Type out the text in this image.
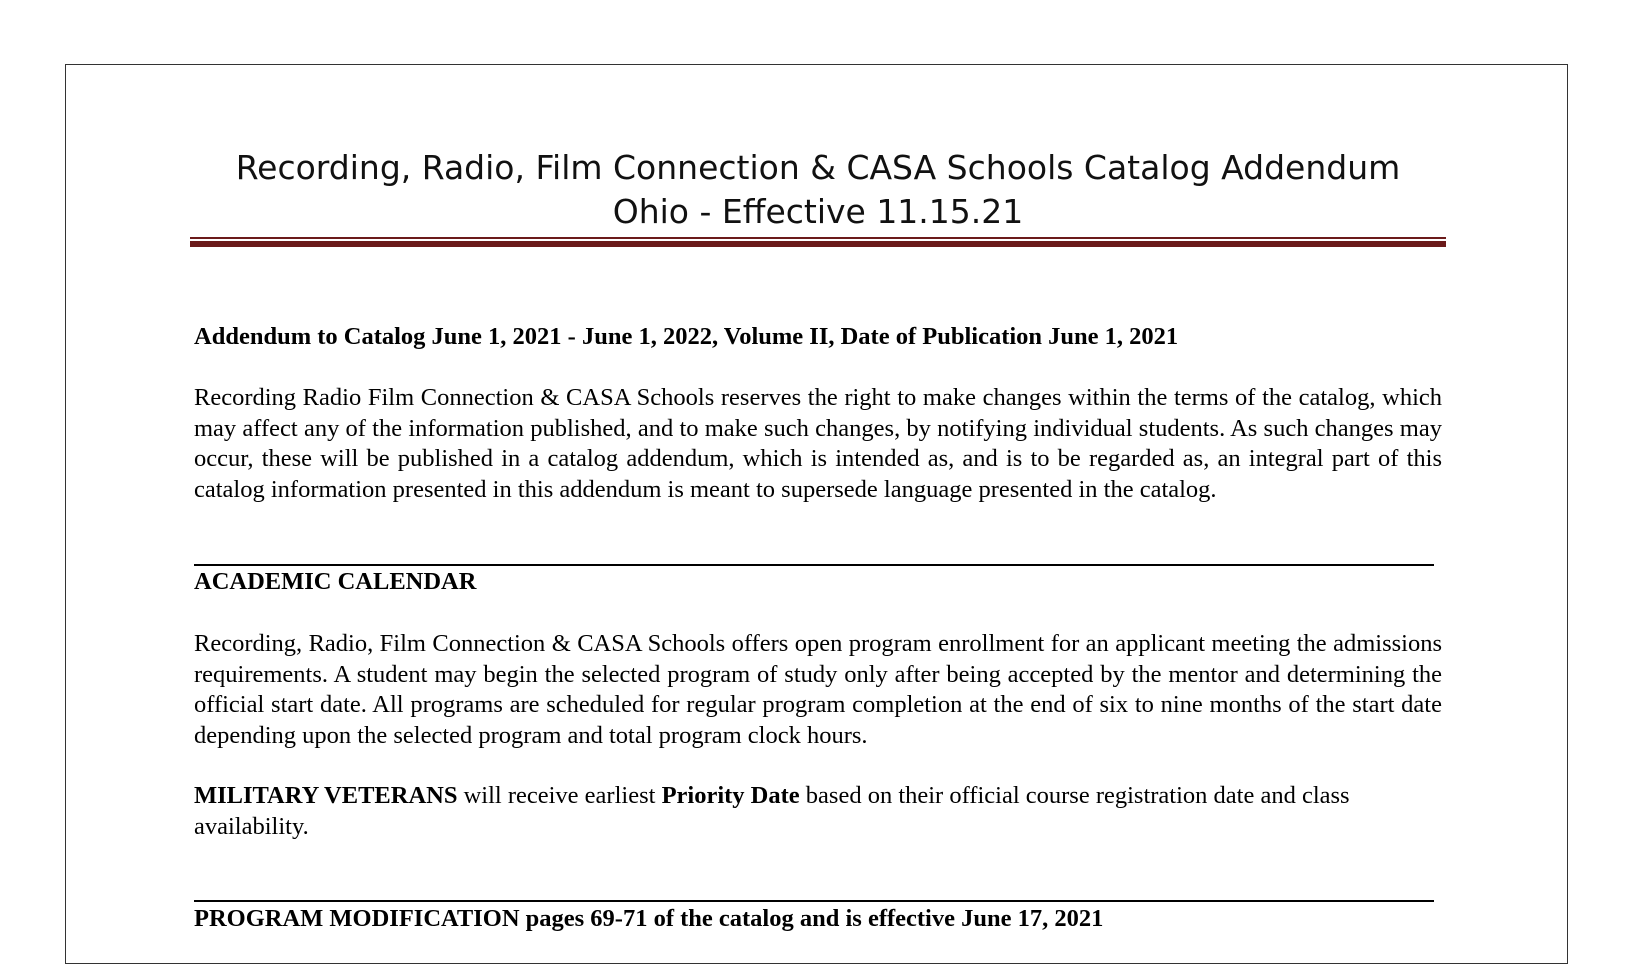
Recording, Radio, Film Connection & CASA Schools Catalog Addendum
Ohio - Effective 11.15.21
Addendum to Catalog June 1, 2021 - June 1, 2022, Volume II, Date of Publication June 1, 2021
Recording Radio Film Connection & CASA Schools reserves the right to make changes within the terms of the catalog, which may affect any of the information published, and to make such changes, by notifying individual students. As such changes may occur, these will be published in a catalog addendum, which is intended as, and is to be regarded as, an integral part of this catalog information presented in this addendum is meant to supersede language presented in the catalog.
ACADEMIC CALENDAR
Recording, Radio, Film Connection & CASA Schools offers open program enrollment for an applicant meeting the admissions requirements. A student may begin the selected program of study only after being accepted by the mentor and determining the official start date. All programs are scheduled for regular program completion at the end of six to nine months of the start date depending upon the selected program and total program clock hours.
MILITARY VETERANS will receive earliest Priority Date based on their official course registration date and class availability.
PROGRAM MODIFICATION pages 69-71 of the catalog and is effective June 17, 2021
